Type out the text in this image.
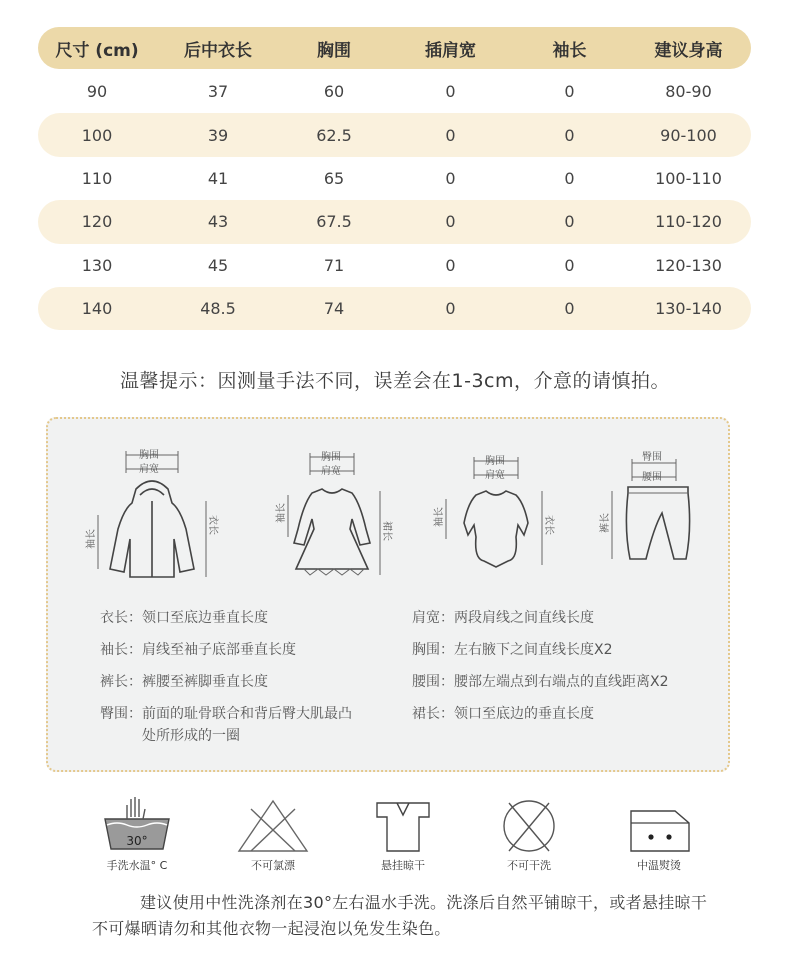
尺寸 (cm)	后中衣长	胸围	插肩宽	袖长	建议身高
90	37	60	0	0	80-90
100	39	62.5	0	0	90-100
110	41	65	0	0	100-110
120	43	67.5	0	0	110-120
130	45	71	0	0	120-130
140	48.5	74	0	0	130-140
温馨提示：因测量手法不同，误差会在1-3cm，介意的请慎拍。
胸围
肩宽
袖长
衣长
胸围
肩宽
袖长
裙长
胸围
肩宽
袖长	衣长
臀围
腰围
裤长
衣长： 领口至底边垂直长度
袖长： 肩线至袖子底部垂直长度
裤长： 裤腰至裤脚垂直长度
臀围： 前面的耻骨联合和背后臀大肌最凸处所形成的一圈
肩宽： 两段肩线之间直线长度
胸围： 左右腋下之间直线长度X2
腰围： 腰部左端点到右端点的直线距离X2
裙长： 领口至底边的垂直长度
30°
手洗水温° C	不可氯漂	悬挂晾干	不可干洗	中温熨烫
建议使用中性洗涤剂在30°左右温水手洗。洗涤后自然平铺晾干，或者悬挂晾干不可爆晒请勿和其他衣物一起浸泡以免发生染色。
